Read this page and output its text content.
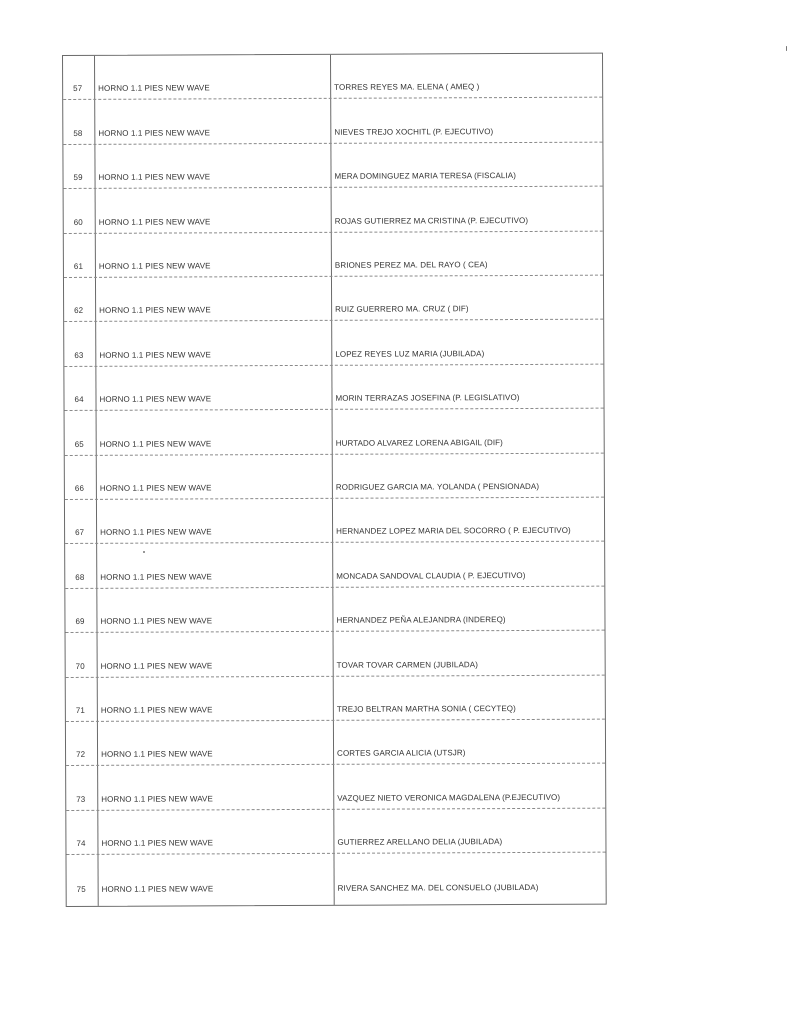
57	HORNO 1.1 PIES NEW WAVE	TORRES REYES MA. ELENA ( AMEQ )
58	HORNO 1.1 PIES NEW WAVE	NIEVES TREJO XOCHITL (P. EJECUTIVO)
59	HORNO 1.1 PIES NEW WAVE	MERA DOMINGUEZ MARIA TERESA (FISCALIA)
60	HORNO 1.1 PIES NEW WAVE	ROJAS GUTIERREZ MA CRISTINA (P. EJECUTIVO)
61	HORNO 1.1 PIES NEW WAVE	BRIONES PEREZ MA. DEL RAYO ( CEA)
62	HORNO 1.1 PIES NEW WAVE	RUIZ GUERRERO MA. CRUZ ( DIF)
63	HORNO 1.1 PIES NEW WAVE	LOPEZ REYES LUZ MARIA (JUBILADA)
64	HORNO 1.1 PIES NEW WAVE	MORIN TERRAZAS JOSEFINA (P. LEGISLATIVO)
65	HORNO 1.1 PIES NEW WAVE	HURTADO ALVAREZ LORENA ABIGAIL (DIF)
66	HORNO 1.1 PIES NEW WAVE	RODRIGUEZ GARCIA MA. YOLANDA ( PENSIONADA)
67	HORNO 1.1 PIES NEW WAVE	HERNANDEZ LOPEZ MARIA DEL SOCORRO ( P. EJECUTIVO)
68	HORNO 1.1 PIES NEW WAVE	MONCADA SANDOVAL CLAUDIA ( P. EJECUTIVO)
69	HORNO 1.1 PIES NEW WAVE	HERNANDEZ PEÑA ALEJANDRA (INDEREQ)
70	HORNO 1.1 PIES NEW WAVE	TOVAR TOVAR CARMEN (JUBILADA)
71	HORNO 1.1 PIES NEW WAVE	TREJO BELTRAN MARTHA SONIA ( CECYTEQ)
72	HORNO 1.1 PIES NEW WAVE	CORTES GARCIA ALICIA (UTSJR)
73	HORNO 1.1 PIES NEW WAVE	VAZQUEZ NIETO VERONICA MAGDALENA (P.EJECUTIVO)
74	HORNO 1.1 PIES NEW WAVE	GUTIERREZ ARELLANO DELIA (JUBILADA)
75	HORNO 1.1 PIES NEW WAVE	RIVERA SANCHEZ MA. DEL CONSUELO (JUBILADA)
